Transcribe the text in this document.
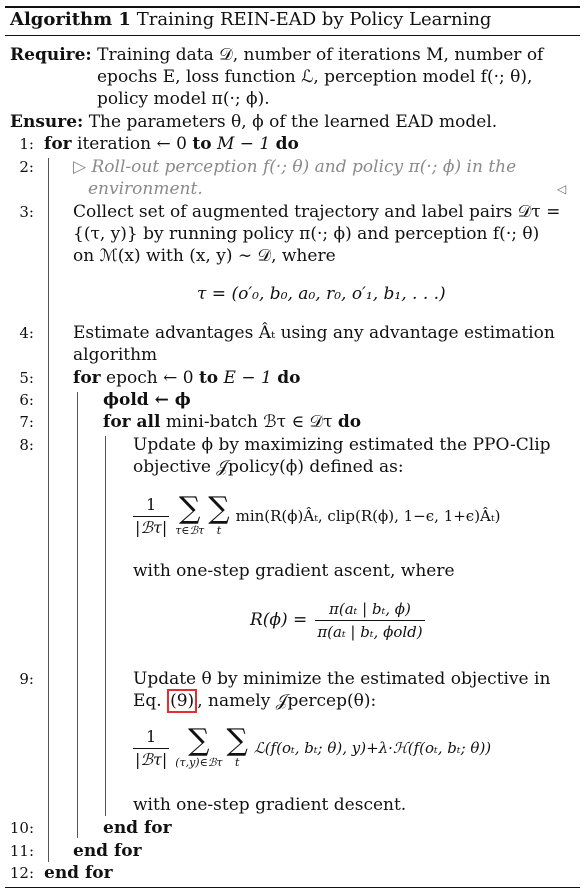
Algorithm 1 Training REIN-EAD by Policy Learning
Require: Training data 𝒟, number of iterations M, number of
epochs E, loss function ℒ, perception model f(·; θ),
policy model π(·; ϕ).
Ensure: The parameters θ, ϕ of the learned EAD model.
1: for iteration ← 0 to M − 1 do
2: ▷ Roll-out perception f(·; θ) and policy π(·; ϕ) in the
environment.	◁
3: Collect set of augmented trajectory and label pairs 𝒟τ =
{(τ, y)} by running policy π(·; ϕ) and perception f(·; θ)
on ℳ(x) with (x, y) ∼ 𝒟, where
τ = (o′₀, b₀, a₀, r₀, o′₁, b₁, . . .)
4: Estimate advantages Âₜ using any advantage estimation
algorithm
5: for epoch ← 0 to E − 1 do
6:	ϕold ← ϕ
7:	for all mini-batch ℬτ ∈ 𝒟τ do
8:	Update ϕ by maximizing estimated the PPO-Clip
objective 𝒥policy(ϕ) defined as:
$\frac{1}{\text{|ℬτ|}}$ ∑
τ∈ℬτ
∑
t
min(R(ϕ)Âₜ, clip(R(ϕ), 1−ϵ, 1+ϵ)Âₜ)
with one-step gradient ascent, where
$R(\phi) = \frac{\text{π(aₜ | bₜ, ϕ)}}{\text{π(aₜ | bₜ, ϕold)}}$
9:	Update θ by minimize the estimated objective in
Eq. (9) , namely 𝒥percep(θ):
$\frac{1}{\text{|ℬτ|}}$ ∑
(τ,y)∈ℬτ
∑
t
ℒ(f(oₜ, bₜ; θ), y)+λ·ℋ(f(oₜ, bₜ; θ))
with one-step gradient descent.
10:	end for
11: end for
12: end for
